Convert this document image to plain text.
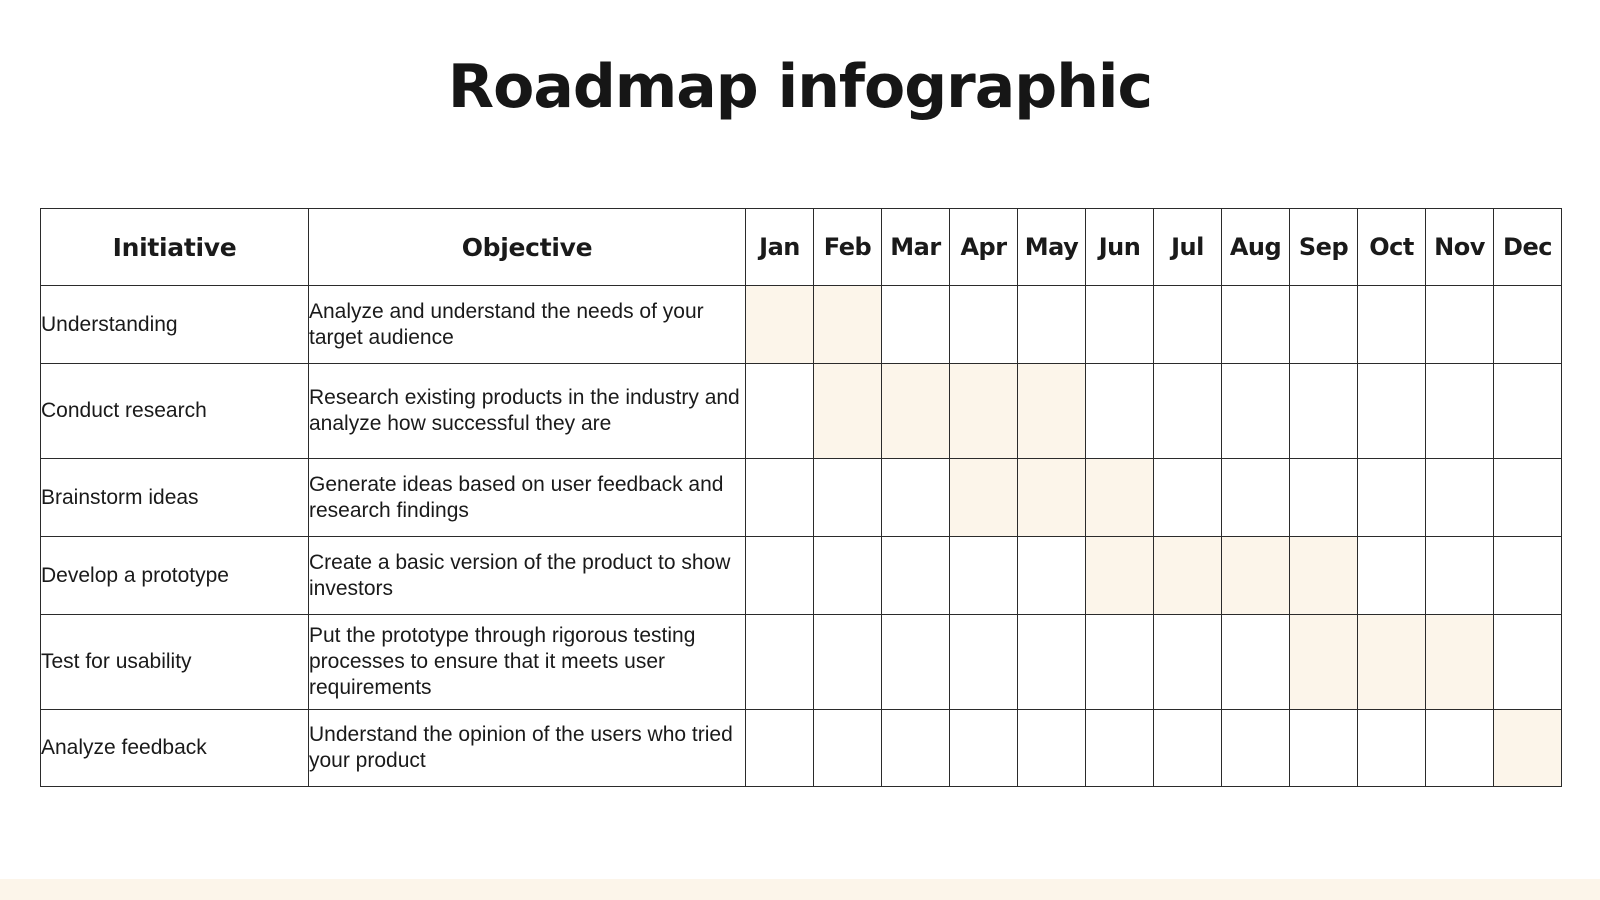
Roadmap infographic
Initiative	Objective	Jan	Feb	Mar	Apr	May	Jun	Jul	Aug	Sep	Oct	Nov	Dec
Understanding	Analyze and understand the needs of your target audience												
Conduct research	Research existing products in the industry and analyze how successful they are												
Brainstorm ideas	Generate ideas based on user feedback and research findings												
Develop a prototype	Create a basic version of the product to show investors												
Test for usability	Put the prototype through rigorous testing processes to ensure that it meets user requirements												
Analyze feedback	Understand the opinion of the users who tried your product												
